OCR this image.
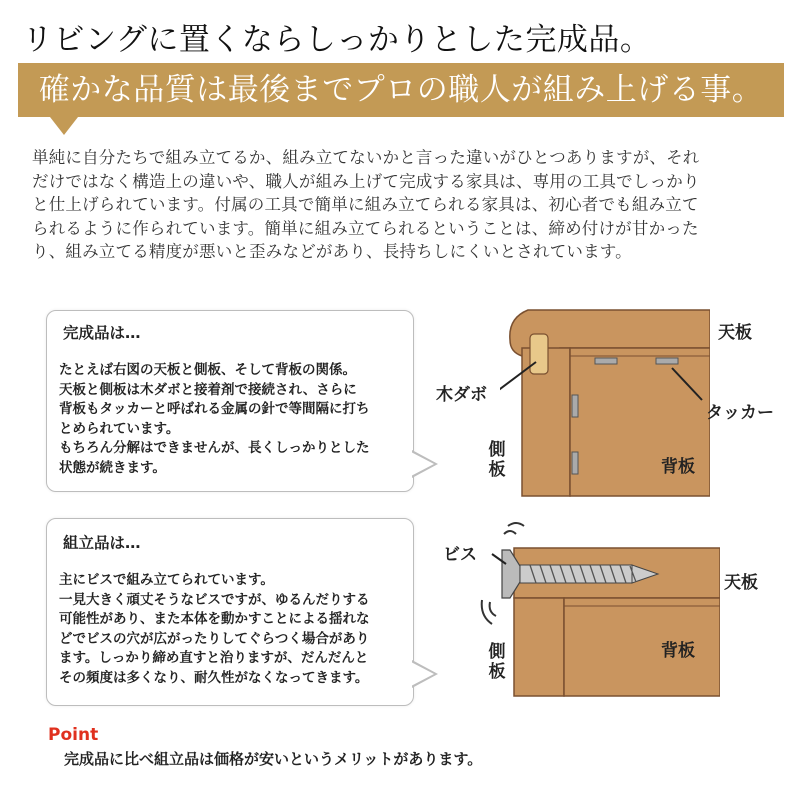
リビングに置くならしっかりとした完成品。
確かな品質は最後までプロの職人が組み上げる事。
単純に自分たちで組み立てるか、組み立てないかと言った違いがひとつありますが、それ
だけではなく構造上の違いや、職人が組み上げて完成する家具は、専用の工具でしっかり
と仕上げられています。付属の工具で簡単に組み立てられる家具は、初心者でも組み立て
られるように作られています。簡単に組み立てられるということは、締め付けが甘かった
り、組み立てる精度が悪いと歪みなどがあり、長持ちしにくいとされています。
完成品は…
たとえば右図の天板と側板、そして背板の関係。
天板と側板は木ダボと接着剤で接続され、さらに
背板もタッカーと呼ばれる金属の針で等間隔に打ち
とめられています。
もちろん分解はできませんが、長くしっかりとした
状態が続きます。
組立品は…
主にビスで組み立てられています。
一見大きく頑丈そうなビスですが、ゆるんだりする
可能性があり、また本体を動かすことによる揺れな
どでビスの穴が広がったりしてぐらつく場合があり
ます。しっかり締め直すと治りますが、だんだんと
その頻度は多くなり、耐久性がなくなってきます。
天板
木ダボ
タッカー
側板	背板
ビス
天板
側板
背板
Point
完成品に比べ組立品は価格が安いというメリットがあります。
